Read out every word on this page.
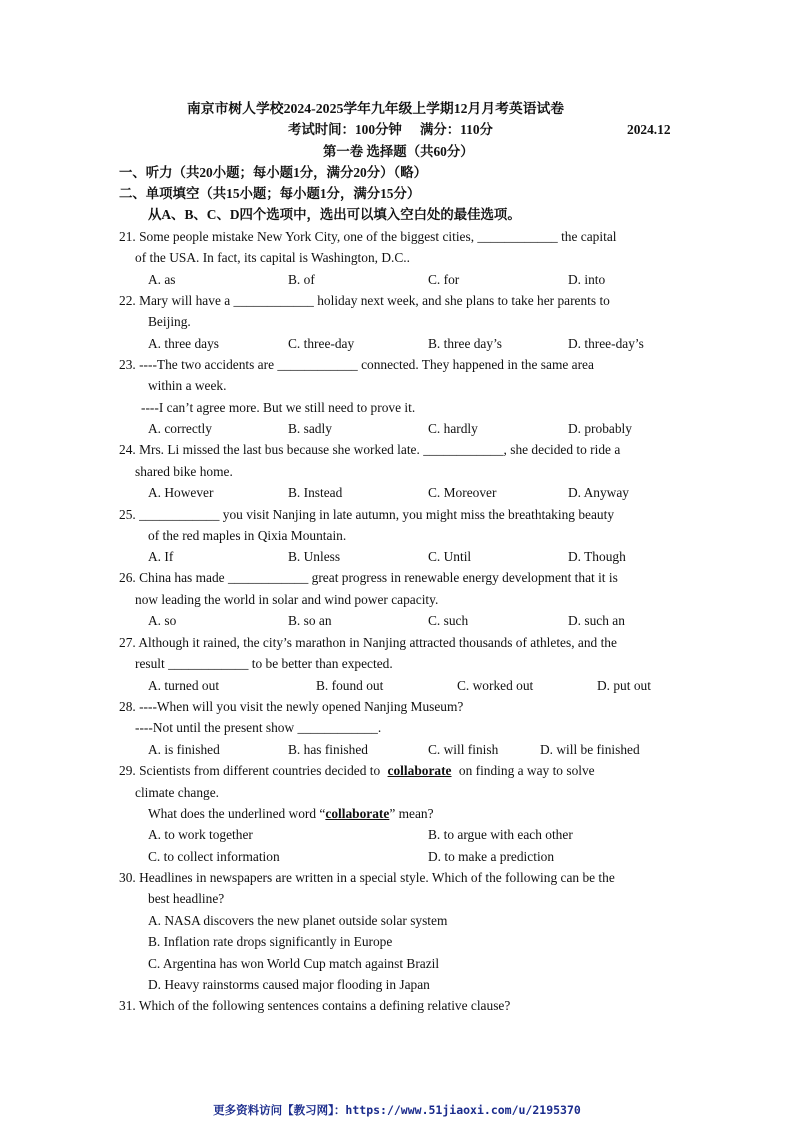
南京市树人学校2024-2025学年九年级上学期12月月考英语试卷
考试时间：100分钟 满分：110分	2024.12
第一卷 选择题（共60分）
一、听力（共20小题；每小题1分，满分20分）（略）
二、单项填空（共15小题；每小题1分，满分15分）
从A、B、C、D四个选项中，选出可以填入空白处的最佳选项。
21. Some people mistake New York City, one of the biggest cities, ____________ the capital
of the USA. In fact, its capital is Washington, D.C..
A. as	B. of	C. for	D. into
22. Mary will have a ____________ holiday next week, and she plans to take her parents to
Beijing.
A. three days	C. three-day	B. three day’s	D. three-day’s
23. ----The two accidents are ____________ connected. They happened in the same area
within a week.
----I can’t agree more. But we still need to prove it.
A. correctly	B. sadly	C. hardly	D. probably
24. Mrs. Li missed the last bus because she worked late. ____________, she decided to ride a
shared bike home.
A. However	B. Instead	C. Moreover	D. Anyway
25. ____________ you visit Nanjing in late autumn, you might miss the breathtaking beauty
of the red maples in Qixia Mountain.
A. If	B. Unless	C. Until	D. Though
26. China has made ____________ great progress in renewable energy development that it is
now leading the world in solar and wind power capacity.
A. so	B. so an	C. such	D. such an
27. Although it rained, the city’s marathon in Nanjing attracted thousands of athletes, and the
result ____________ to be better than expected.
A. turned out	B. found out	C. worked out	D. put out
28. ----When will you visit the newly opened Nanjing Museum?
----Not until the present show ____________.
A. is finished	B. has finished	C. will finish	D. will be finished
29. Scientists from different countries decided to collaborate on finding a way to solve
climate change.
What does the underlined word “collaborate” mean?
A. to work together	B. to argue with each other
C. to collect information	D. to make a prediction
30. Headlines in newspapers are written in a special style. Which of the following can be the
best headline?
A. NASA discovers the new planet outside solar system
B. Inflation rate drops significantly in Europe
C. Argentina has won World Cup match against Brazil
D. Heavy rainstorms caused major flooding in Japan
31. Which of the following sentences contains a defining relative clause?
更多资料访问【教习网】：https://www.51jiaoxi.com/u/2195370
